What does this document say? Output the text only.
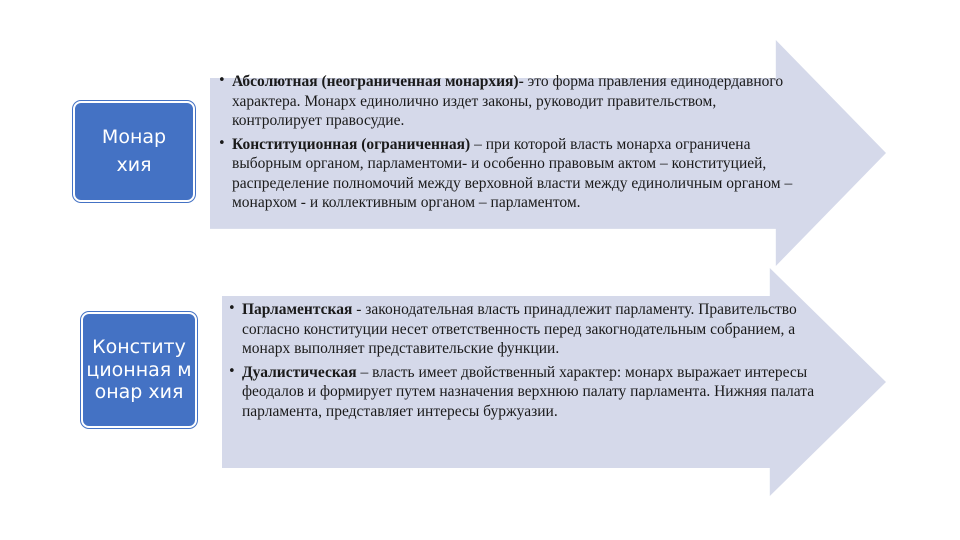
Монар хия
• Абсолютная (неограниченная монархия)- это форма правления единодердавного характера. Монарх единолично издет законы, руководит правительством, контролирует правосудие.
• Конституционная (ограниченная) – при которой власть монарха ограничена выборным органом, парламентоми- и особенно правовым актом – конституцией, распределение полномочий между верховной власти между единоличным органом – монархом - и коллективным органом – парламентом.
Конститу ционная монар хия
• Парламентская - законодательная власть принадлежит парламенту. Правительство согласно конституции несет ответственность перед закогнодательным собранием, а монарх выполняет представительские функции.
• Дуалистическая – власть имеет двойственный характер: монарх выражает интересы феодалов и формирует путем назначения верхнюю палату парламента. Нижняя палата парламента, представляет интересы буржуазии.
